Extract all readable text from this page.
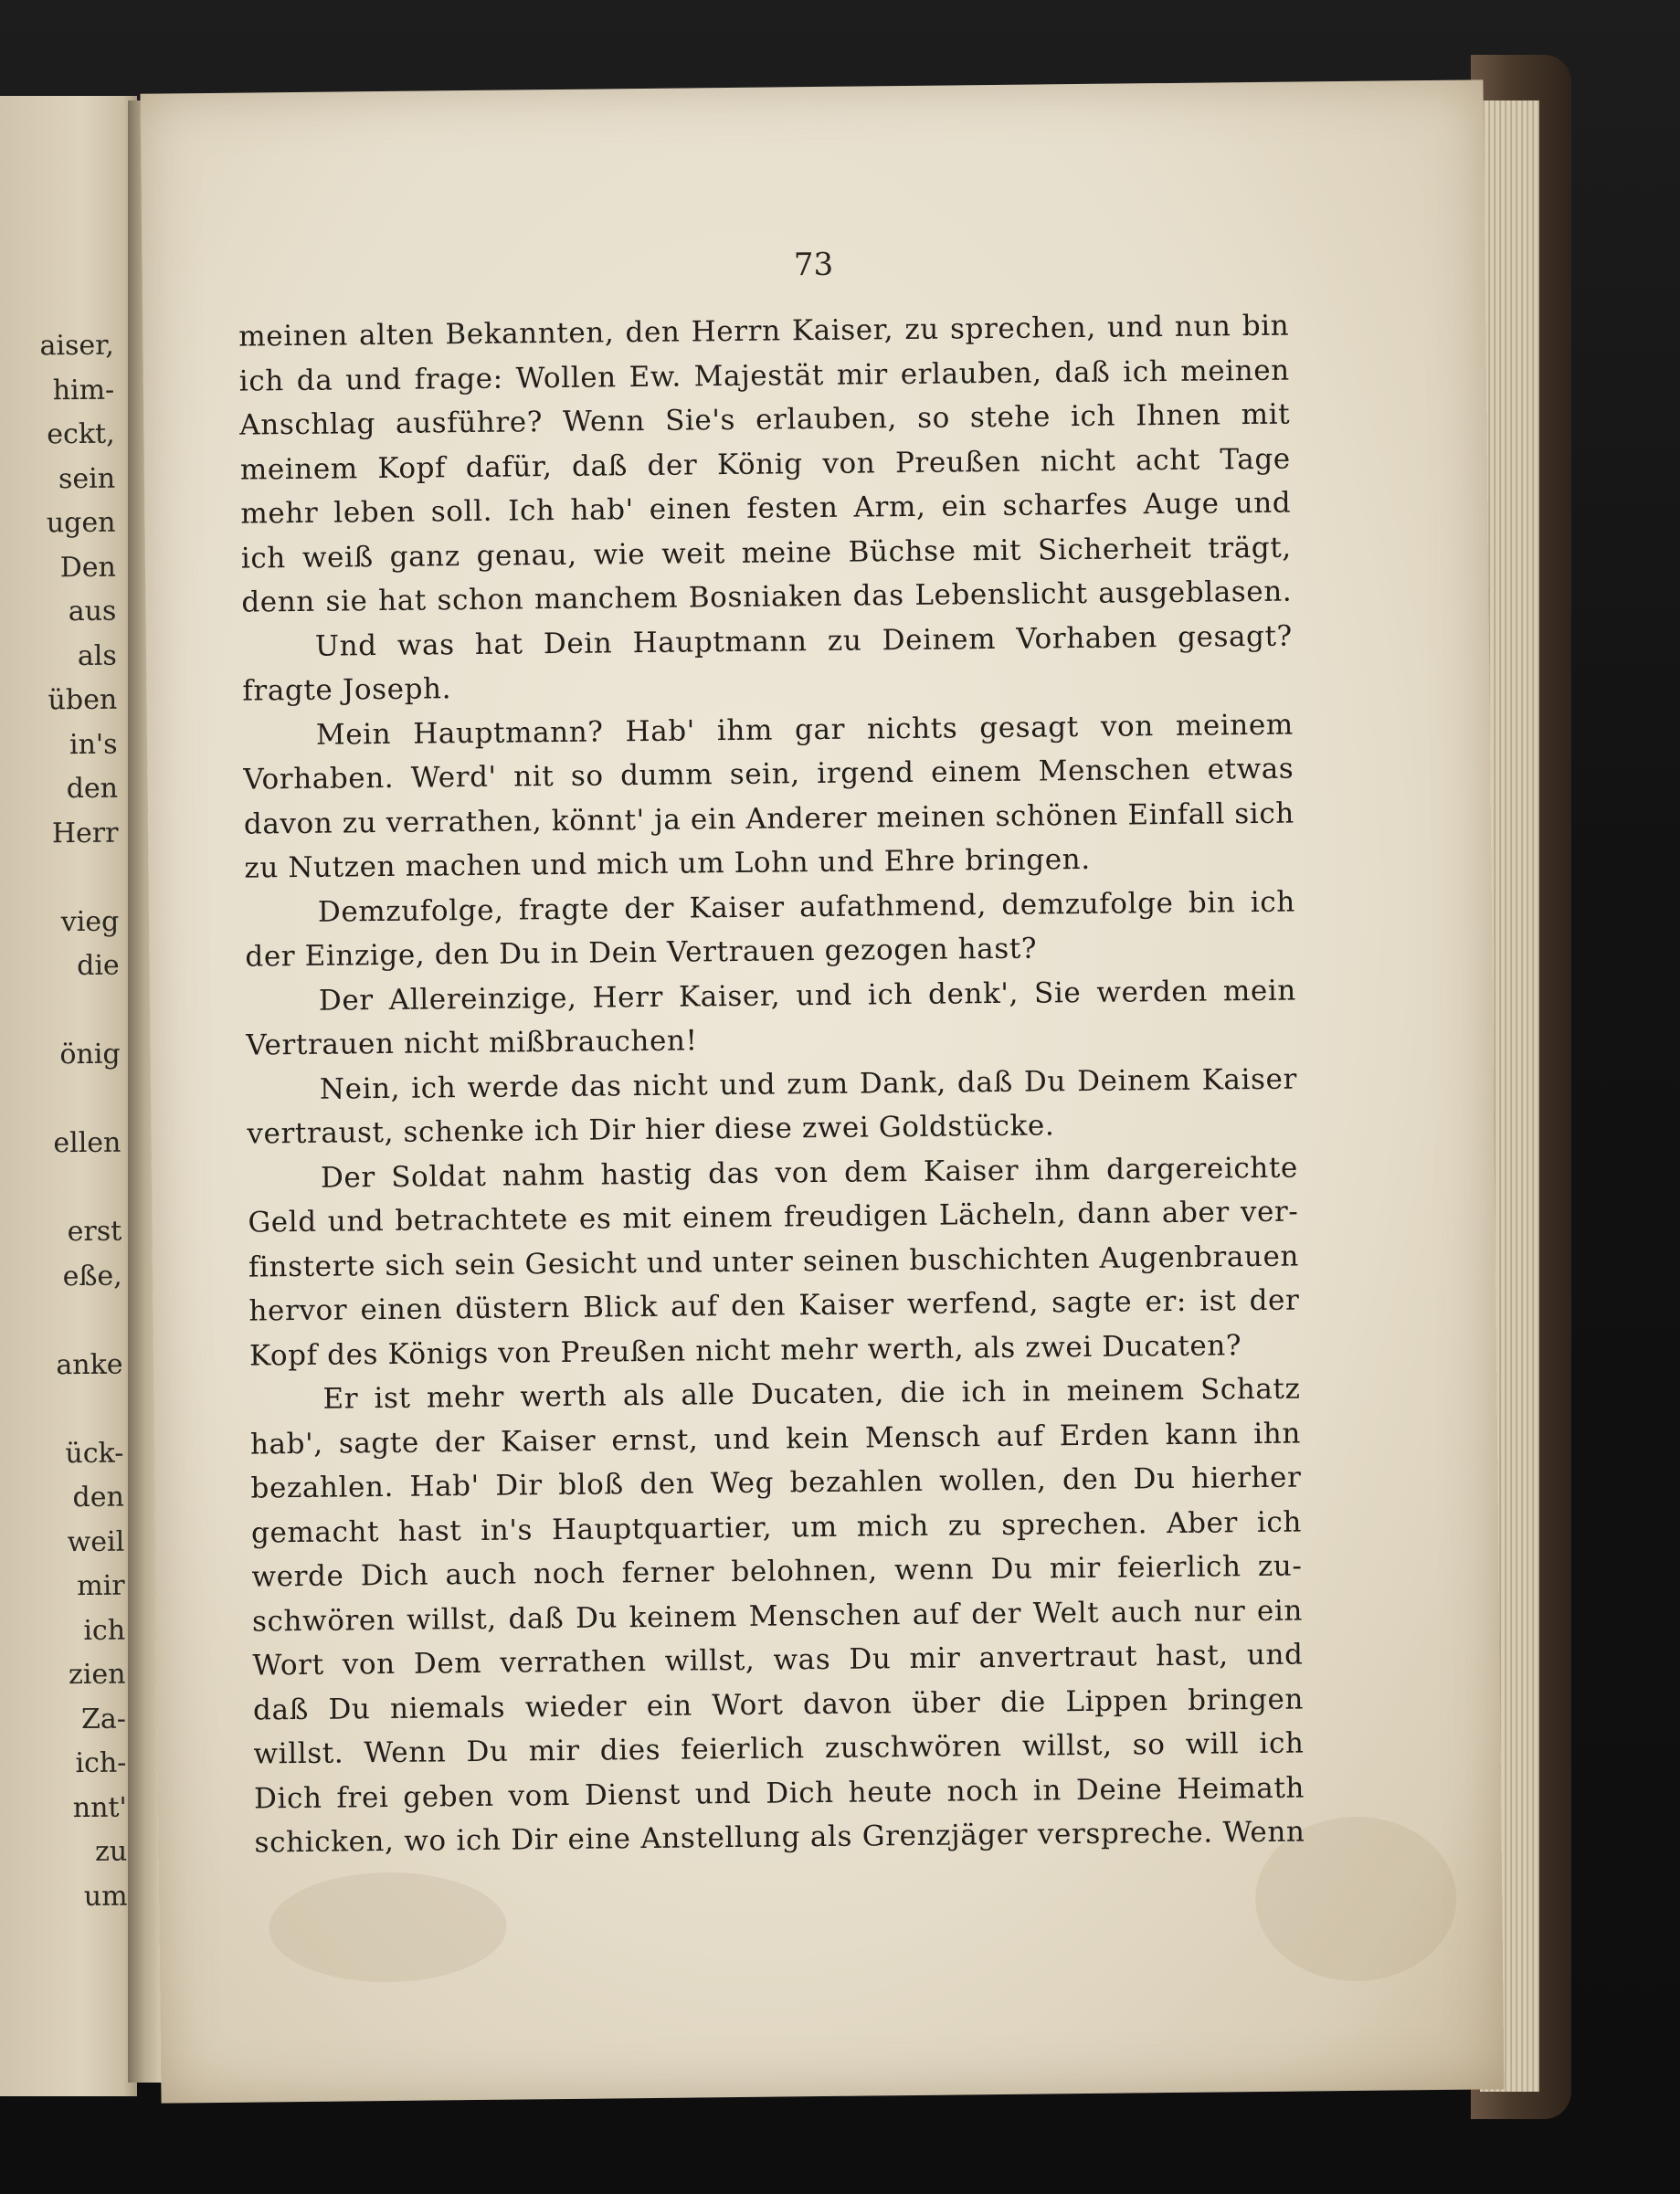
aiser,
him-
eckt,
sein
ugen
Den
aus
als
üben
in's
den
Herr
vieg
die
önig
ellen
erst
eße,
anke
ück-
den
weil
mir
ich
zien
Za-
ich-
nnt'
zu
um
73
meinen alten Bekannten, den Herrn Kaiser, zu sprechen, und nun bin
ich da und frage: Wollen Ew. Majestät mir erlauben, daß ich meinen
Anschlag ausführe? Wenn Sie's erlauben, so stehe ich Ihnen mit
meinem Kopf dafür, daß der König von Preußen nicht acht Tage
mehr leben soll. Ich hab' einen festen Arm, ein scharfes Auge und
ich weiß ganz genau, wie weit meine Büchse mit Sicherheit trägt,
denn sie hat schon manchem Bosniaken das Lebenslicht ausgeblasen.
Und was hat Dein Hauptmann zu Deinem Vorhaben gesagt?
fragte Joseph.
Mein Hauptmann? Hab' ihm gar nichts gesagt von meinem
Vorhaben. Werd' nit so dumm sein, irgend einem Menschen etwas
davon zu verrathen, könnt' ja ein Anderer meinen schönen Einfall sich
zu Nutzen machen und mich um Lohn und Ehre bringen.
Demzufolge, fragte der Kaiser aufathmend, demzufolge bin ich
der Einzige, den Du in Dein Vertrauen gezogen hast?
Der Allereinzige, Herr Kaiser, und ich denk', Sie werden mein
Vertrauen nicht mißbrauchen!
Nein, ich werde das nicht und zum Dank, daß Du Deinem Kaiser
vertraust, schenke ich Dir hier diese zwei Goldstücke.
Der Soldat nahm hastig das von dem Kaiser ihm dargereichte
Geld und betrachtete es mit einem freudigen Lächeln, dann aber ver-
finsterte sich sein Gesicht und unter seinen buschichten Augenbrauen
hervor einen düstern Blick auf den Kaiser werfend, sagte er: ist der
Kopf des Königs von Preußen nicht mehr werth, als zwei Ducaten?
Er ist mehr werth als alle Ducaten, die ich in meinem Schatz
hab', sagte der Kaiser ernst, und kein Mensch auf Erden kann ihn
bezahlen. Hab' Dir bloß den Weg bezahlen wollen, den Du hierher
gemacht hast in's Hauptquartier, um mich zu sprechen. Aber ich
werde Dich auch noch ferner belohnen, wenn Du mir feierlich zu-
schwören willst, daß Du keinem Menschen auf der Welt auch nur ein
Wort von Dem verrathen willst, was Du mir anvertraut hast, und
daß Du niemals wieder ein Wort davon über die Lippen bringen
willst. Wenn Du mir dies feierlich zuschwören willst, so will ich
Dich frei geben vom Dienst und Dich heute noch in Deine Heimath
schicken, wo ich Dir eine Anstellung als Grenzjäger verspreche. Wenn
